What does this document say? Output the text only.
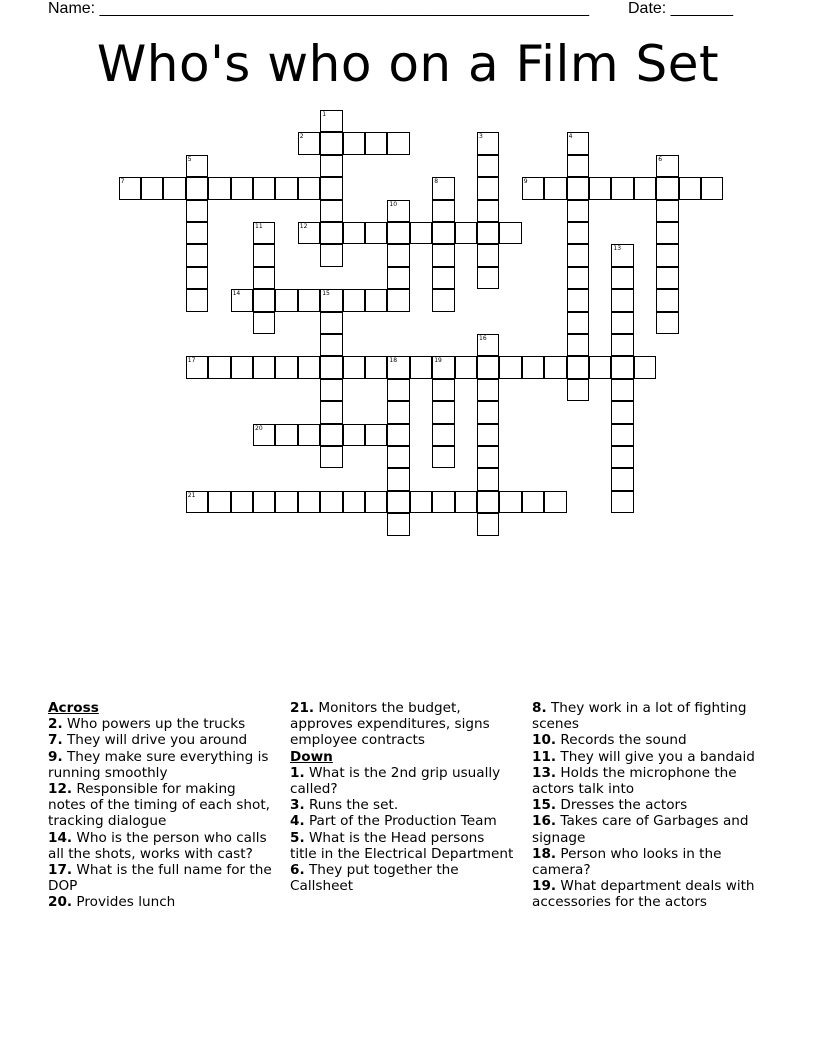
Name: _______________________________________________________ Date: _______
Who's who on a Film Set
1
2	3	4
5	6
7	8	9
10
11	12
13
14	15
16
17	18	19
20
21
Across
2. Who powers up the trucks
7. They will drive you around
9. They make sure everything is running smoothly
12. Responsible for making notes of the timing of each shot, tracking dialogue
14. Who is the person who calls all the shots, works with cast?
17. What is the full name for the DOP
20. Provides lunch
21. Monitors the budget, approves expenditures, signs employee contracts
Down
1. What is the 2nd grip usually called?
3. Runs the set.
4. Part of the Production Team
5. What is the Head persons title in the Electrical Department
6. They put together the Callsheet
8. They work in a lot of fighting scenes
10. Records the sound
11. They will give you a bandaid
13. Holds the microphone the actors talk into
15. Dresses the actors
16. Takes care of Garbages and signage
18. Person who looks in the camera?
19. What department deals with accessories for the actors
